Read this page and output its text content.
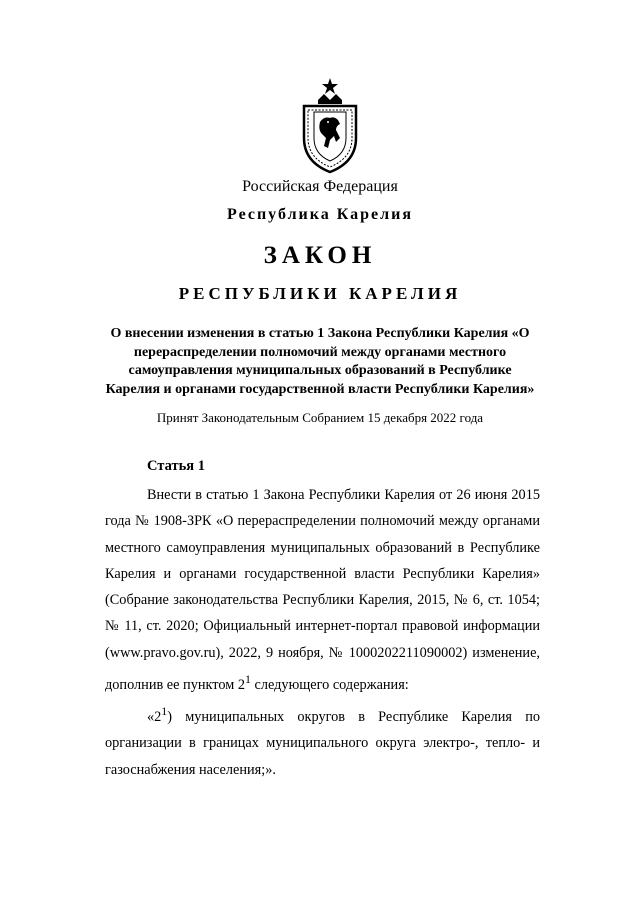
Российская Федерация
Республика Карелия
ЗАКОН
РЕСПУБЛИКИ КАРЕЛИЯ
О внесении изменения в статью 1 Закона Республики Карелия «О перераспределении полномочий между органами местного самоуправления муниципальных образований в Республике Карелия и органами государственной власти Республики Карелия»
Принят Законодательным Собранием 15 декабря 2022 года
Статья 1

Внести в статью 1 Закона Республики Карелия от 26 июня 2015 года № 1908-ЗРК «О перераспределении полномочий между органами местного самоуправления муниципальных образований в Республике Карелия и органами государственной власти Республики Карелия» (Собрание законодательства Республики Карелия, 2015, № 6, ст. 1054; № 11, ст. 2020; Официальный интернет-портал правовой информации (www.pravo.gov.ru), 2022, 9 ноября, № 1000202211090002) изменение, дополнив ее пунктом $2^1$ следующего содержания:

«$2^1$) муниципальных округов в Республике Карелия по организации в границах муниципального округа электро-, тепло- и газоснабжения населения;».
